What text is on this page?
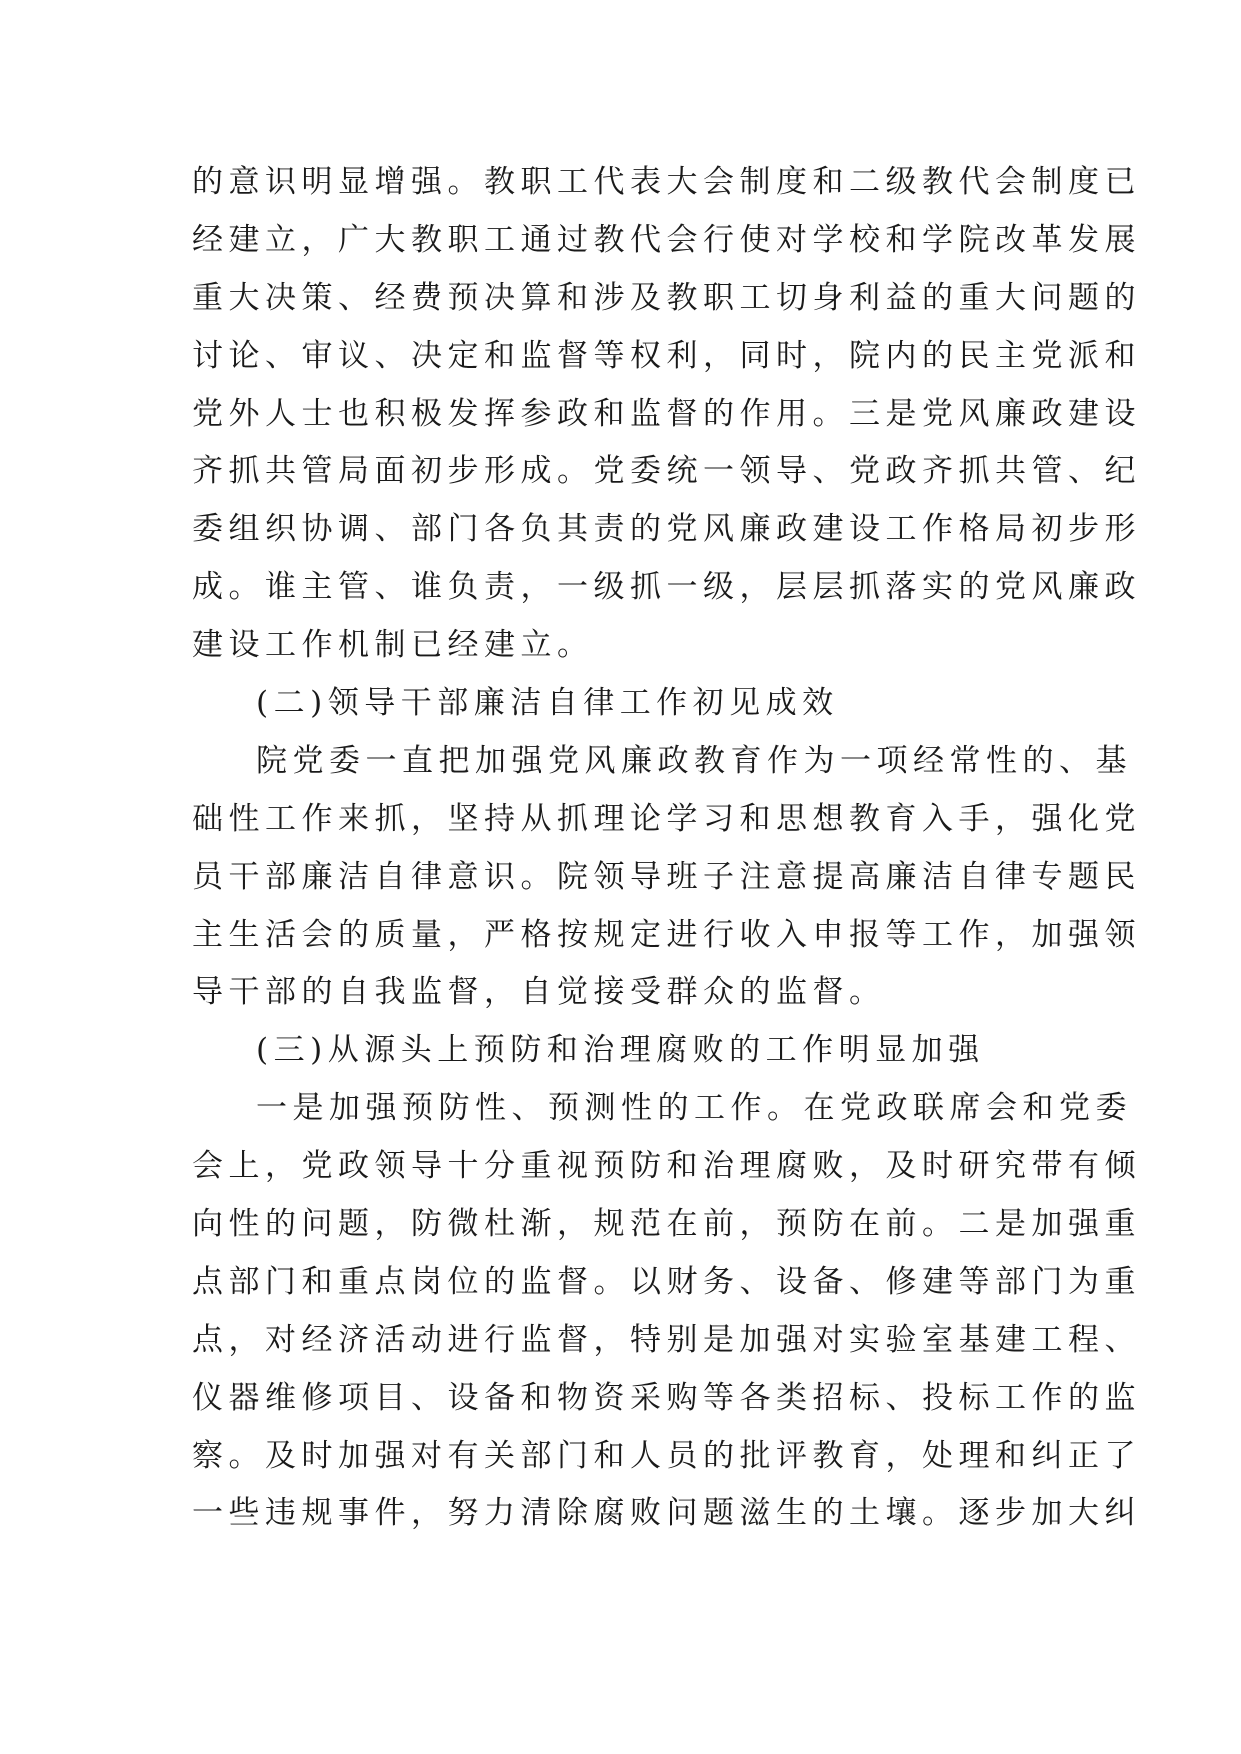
的意识明显增强。教职工代表大会制度和二级教代会制度已
经建立，广大教职工通过教代会行使对学校和学院改革发展
重大决策、经费预决算和涉及教职工切身利益的重大问题的
讨论、审议、决定和监督等权利，同时，院内的民主党派和
党外人士也积极发挥参政和监督的作用。三是党风廉政建设
齐抓共管局面初步形成。党委统一领导、党政齐抓共管、纪
委组织协调、部门各负其责的党风廉政建设工作格局初步形
成。谁主管、谁负责，一级抓一级，层层抓落实的党风廉政
建设工作机制已经建立。
(二)领导干部廉洁自律工作初见成效
院党委一直把加强党风廉政教育作为一项经常性的、基
础性工作来抓，坚持从抓理论学习和思想教育入手，强化党
员干部廉洁自律意识。院领导班子注意提高廉洁自律专题民
主生活会的质量，严格按规定进行收入申报等工作，加强领
导干部的自我监督，自觉接受群众的监督。
(三)从源头上预防和治理腐败的工作明显加强
一是加强预防性、预测性的工作。在党政联席会和党委
会上，党政领导十分重视预防和治理腐败，及时研究带有倾
向性的问题，防微杜渐，规范在前，预防在前。二是加强重
点部门和重点岗位的监督。以财务、设备、修建等部门为重
点，对经济活动进行监督，特别是加强对实验室基建工程、
仪器维修项目、设备和物资采购等各类招标、投标工作的监
察。及时加强对有关部门和人员的批评教育，处理和纠正了
一些违规事件，努力清除腐败问题滋生的土壤。逐步加大纠
